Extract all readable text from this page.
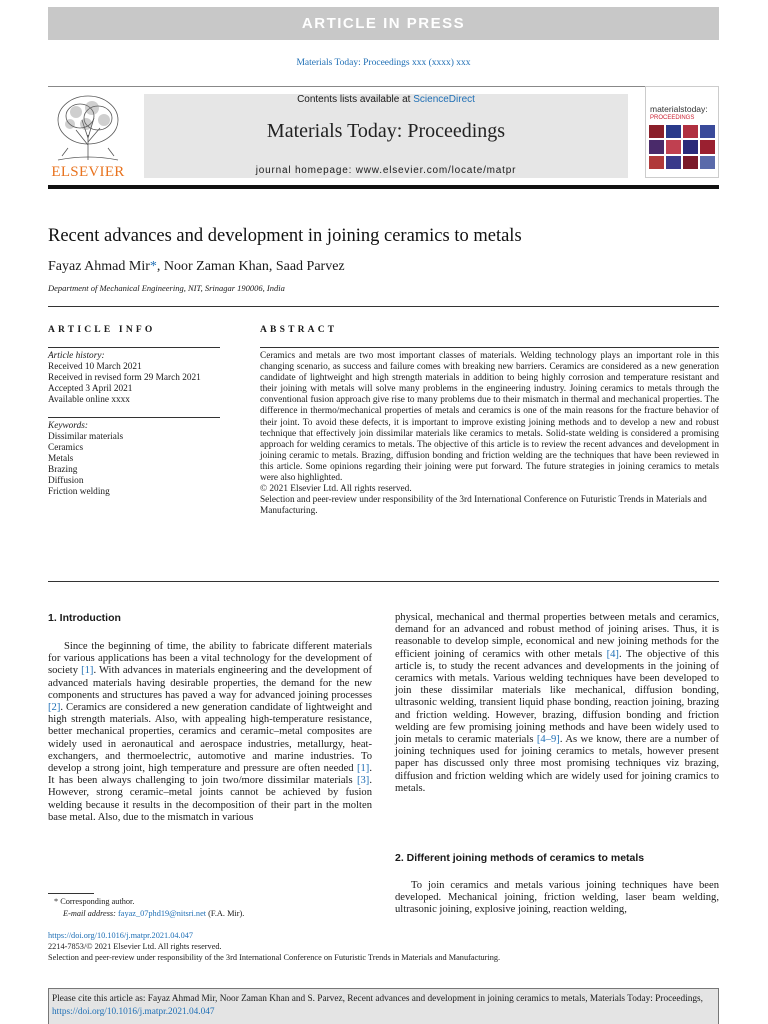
ARTICLE IN PRESS
Materials Today: Proceedings xxx (xxxx) xxx
ELSEVIER
Contents lists available at ScienceDirect
Materials Today: Proceedings
journal homepage: www.elsevier.com/locate/matpr
materialstoday:
PROCEEDINGS
Recent advances and development in joining ceramics to metals
Fayaz Ahmad Mir*, Noor Zaman Khan, Saad Parvez
Department of Mechanical Engineering, NIT, Srinagar 190006, India
ARTICLE INFO	ABSTRACT
Article history:
Received 10 March 2021
Received in revised form 29 March 2021
Accepted 3 April 2021
Available online xxxx
Keywords:
Dissimilar materials
Ceramics
Metals
Brazing
Diffusion
Friction welding
Ceramics and metals are two most important classes of materials. Welding technology plays an important role in this changing scenario, as success and failure comes with breaking new barriers. Ceramics are considered as a new generation candidate of lightweight and high strength materials in addition to being highly corrosion and temperature resistant and their joining with metals will solve many problems in the engineering industry. Joining ceramics to metals through the conventional fusion approach give rise to many problems due to their mismatch in thermal and mechanical properties. The difference in thermo/mechanical properties of metals and ceramics is one of the main reasons for the fracture behavior of their joint. To avoid these defects, it is important to improve existing joining methods and to develop a new and robust technique that effectively join dissimilar materials like ceramics to metals. Solid-state welding is considered a promising approach for welding ceramics to metals. The objective of this article is to review the recent advances and development in joining ceramic to metals. Brazing, diffusion bonding and friction welding are the techniques that have been reviewed in this article. Some opinions regarding their joining were put forward. The future strategies in joining ceramics to metals were also highlighted.
© 2021 Elsevier Ltd. All rights reserved.
Selection and peer-review under responsibility of the 3rd International Conference on Futuristic Trends in Materials and Manufacturing.
1. Introduction
Since the beginning of time, the ability to fabricate different materials for various applications has been a vital technology for the development of society [1]. With advances in materials engineering and the development of advanced materials having desirable properties, the demand for the new components and structures has paved a way for advanced joining processes [2]. Ceramics are considered a new generation candidate of lightweight and high strength materials. Also, with appealing high-temperature resistance, better mechanical properties, ceramics and ceramic–metal composites are widely used in aeronautical and aerospace industries, metallurgy, heat-exchangers, and thermoelectric, automotive and marine industries. To develop a strong joint, high temperature and pressure are often needed [1]. It has been always challenging to join two/more dissimilar materials [3]. However, strong ceramic–metal joints cannot be achieved by fusion welding because it results in the decomposition of their part in the molten base metal. Also, due to the mismatch in various
physical, mechanical and thermal properties between metals and ceramics, demand for an advanced and robust method of joining arises. Thus, it is reasonable to develop simple, economical and new joining methods for the efficient joining of ceramics with other metals [4]. The objective of this article is, to study the recent advances and developments in the joining of ceramics with metals. Various welding techniques have been developed to join these dissimilar materials like mechanical, diffusion bonding, ultrasonic welding, transient liquid phase bonding, reaction joining, brazing and friction welding. However, brazing, diffusion bonding and friction welding are few promising joining methods and have been widely used to join metals to ceramic materials [4–9]. As we know, there are a number of joining techniques used for joining ceramics to metals, however present paper has discussed only three most promising techniques viz brazing, diffusion and friction welding which are widely used for joining cramics to metals.
2. Different joining methods of ceramics to metals
To join ceramics and metals various joining techniques have been developed. Mechanical joining, friction welding, laser beam welding, ultrasonic joining, explosive joining, reaction welding,
* Corresponding author.
E-mail address: fayaz_07phd19@nitsri.net (F.A. Mir).
https://doi.org/10.1016/j.matpr.2021.04.047
2214-7853/© 2021 Elsevier Ltd. All rights reserved.
Selection and peer-review under responsibility of the 3rd International Conference on Futuristic Trends in Materials and Manufacturing.
Please cite this article as: Fayaz Ahmad Mir, Noor Zaman Khan and S. Parvez, Recent advances and development in joining ceramics to metals, Materials Today: Proceedings, https://doi.org/10.1016/j.matpr.2021.04.047
